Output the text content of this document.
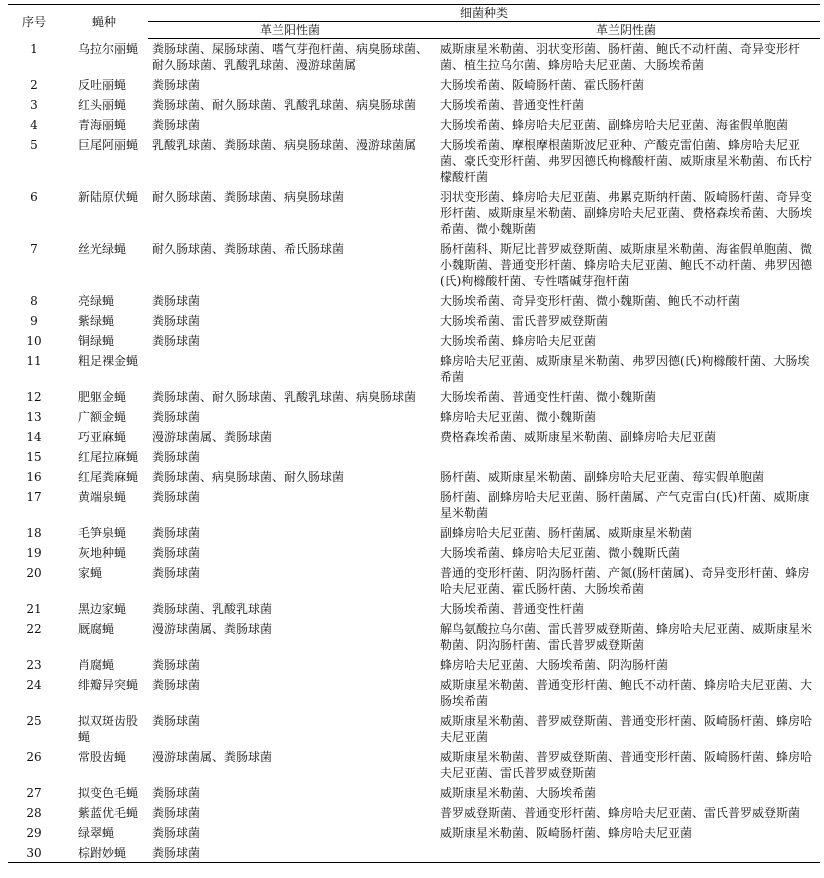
序号	蝇种	细菌种类	
		革兰阳性菌	革兰阴性菌
1	乌拉尔丽蝇	粪肠球菌、屎肠球菌、嗜气芽孢杆菌、病臭肠球菌、耐久肠球菌、乳酸乳球菌、漫游球菌属	威斯康星米勒菌、羽状变形菌、肠杆菌、鲍氏不动杆菌、奇异变形杆菌、植生拉乌尔菌、蜂房哈夫尼亚菌、大肠埃希菌
2	反吐丽蝇	粪肠球菌	大肠埃希菌、阪崎肠杆菌、霍氏肠杆菌
3	红头丽蝇	粪肠球菌、耐久肠球菌、乳酸乳球菌、病臭肠球菌	大肠埃希菌、普通变性杆菌
4	青海丽蝇	粪肠球菌	大肠埃希菌、蜂房哈夫尼亚菌、副蜂房哈夫尼亚菌、海雀假单胞菌
5	巨尾阿丽蝇	乳酸乳球菌、粪肠球菌、病臭肠球菌、漫游球菌属	大肠埃希菌、摩根摩根菌斯波尼亚种、产酸克雷伯菌、蜂房哈夫尼亚菌、豪氏变形杆菌、弗罗因德氏枸橼酸杆菌、威斯康星米勒菌、布氏柠檬酸杆菌
6	新陆原伏蝇	耐久肠球菌、粪肠球菌、病臭肠球菌	羽状变形菌、蜂房哈夫尼亚菌、弗累克斯纳杆菌、阪崎肠杆菌、奇异变形杆菌、威斯康星米勒菌、副蜂房哈夫尼亚菌、费格森埃希菌、大肠埃希菌、微小魏斯菌
7	丝光绿蝇	耐久肠球菌、粪肠球菌、希氏肠球菌	肠杆菌科、斯尼比普罗威登斯菌、威斯康星米勒菌、海雀假单胞菌、微小魏斯菌、普通变形杆菌、蜂房哈夫尼亚菌、鲍氏不动杆菌、弗罗因德(氏)枸橼酸杆菌、专性嗜碱芽孢杆菌
8	亮绿蝇	粪肠球菌	大肠埃希菌、奇异变形杆菌、微小魏斯菌、鲍氏不动杆菌
9	紫绿蝇	粪肠球菌	大肠埃希菌、雷氏普罗威登斯菌
10	铜绿蝇	粪肠球菌	大肠埃希菌、蜂房哈夫尼亚菌
11	粗足裸金蝇		蜂房哈夫尼亚菌、威斯康星米勒菌、弗罗因德(氏)枸橼酸杆菌、大肠埃希菌
12	肥躯金蝇	粪肠球菌、耐久肠球菌、乳酸乳球菌、病臭肠球菌	大肠埃希菌、普通变性杆菌、微小魏斯菌
13	广额金蝇	粪肠球菌	蜂房哈夫尼亚菌、微小魏斯菌
14	巧亚麻蝇	漫游球菌属、粪肠球菌	费格森埃希菌、威斯康星米勒菌、副蜂房哈夫尼亚菌
15	红尾拉麻蝇	粪肠球菌	
16	红尾粪麻蝇	粪肠球菌、病臭肠球菌、耐久肠球菌	肠杆菌、威斯康星米勒菌、副蜂房哈夫尼亚菌、莓实假单胞菌
17	黄端泉蝇	粪肠球菌	肠杆菌、副蜂房哈夫尼亚菌、肠杆菌属、产气克雷白(氏)杆菌、威斯康星米勒菌
18	毛笋泉蝇	粪肠球菌	副蜂房哈夫尼亚菌、肠杆菌属、威斯康星米勒菌
19	灰地种蝇	粪肠球菌	大肠埃希菌、蜂房哈夫尼亚菌、微小魏斯氏菌
20	家蝇	粪肠球菌	普通的变形杆菌、阴沟肠杆菌、产氮(肠杆菌属)、奇异变形杆菌、蜂房哈夫尼亚菌、霍氏肠杆菌、大肠埃希菌
21	黑边家蝇	粪肠球菌、乳酸乳球菌	大肠埃希菌、普通变性杆菌
22	厩腐蝇	漫游球菌属、粪肠球菌	解鸟氨酸拉乌尔菌、雷氏普罗威登斯菌、蜂房哈夫尼亚菌、威斯康星米勒菌、阴沟肠杆菌、雷氏普罗威登斯菌
23	肖腐蝇	粪肠球菌	蜂房哈夫尼亚菌、大肠埃希菌、阴沟肠杆菌
24	绯瓣异突蝇	粪肠球菌	威斯康星米勒菌、普通变形杆菌、鲍氏不动杆菌、蜂房哈夫尼亚菌、大肠埃希菌
25	拟双斑齿股蝇	粪肠球菌	威斯康星米勒菌、普罗威登斯菌、普通变形杆菌、阪崎肠杆菌、蜂房哈夫尼亚菌
26	常股齿蝇	漫游球菌属、粪肠球菌	威斯康星米勒菌、普罗威登斯菌、普通变形杆菌、阪崎肠杆菌、蜂房哈夫尼亚菌、雷氏普罗威登斯菌
27	拟变色毛蝇	粪肠球菌	威斯康星米勒菌、大肠埃希菌
28	紫蓝优毛蝇	粪肠球菌	普罗威登斯菌、普通变形杆菌、蜂房哈夫尼亚菌、雷氏普罗威登斯菌
29	绿翠蝇	粪肠球菌	威斯康星米勒菌、阪崎肠杆菌、蜂房哈夫尼亚菌
30	棕跗妙蝇	粪肠球菌	
